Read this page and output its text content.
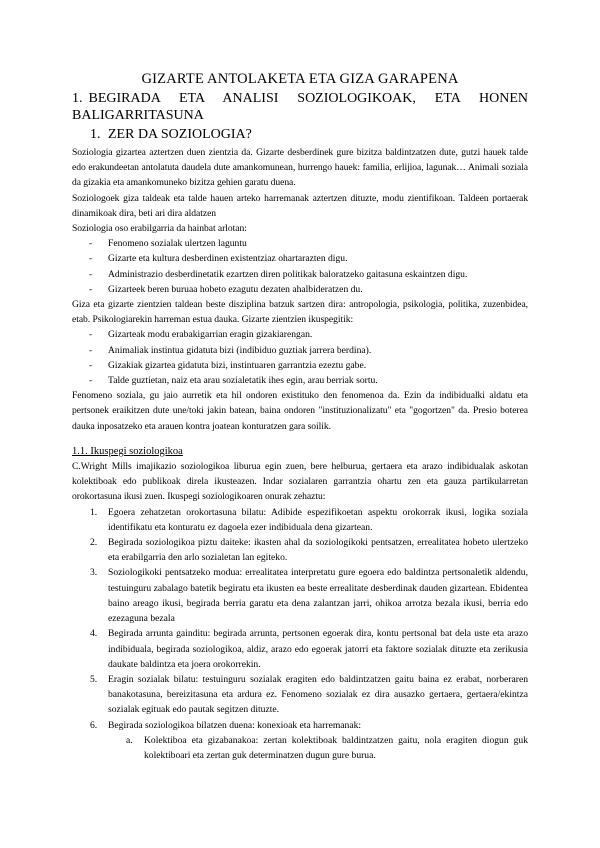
GIZARTE ANTOLAKETA ETA GIZA GARAPENA
1. BEGIRADA ETA ANALISI SOZIOLOGIKOAK, ETA HONEN BALIGARRITASUNA
1. ZER DA SOZIOLOGIA?

Soziologia gizartea aztertzen duen zientzia da. Gizarte desberdinek gure bizitza baldintzatzen dute, gutzi hauek talde edo erakundeetan antolatuta daudela dute amankomunean, hurrengo hauek: familia, erlijioa, lagunak… Animali soziala da gizakia eta amankomuneko bizitza gehien garatu duena.

Soziologoek giza taldeak eta talde hauen arteko harremanak aztertzen dituzte, modu zientifikoan. Taldeen portaerak dinamikoak dira, beti ari dira aldatzen

Soziologia oso erabilgarria da hainbat arlotan:

- Fenomeno sozialak ulertzen laguntu
- Gizarte eta kultura desberdinen existentziaz ohartarazten digu.
- Administrazio desberdinetatik ezartzen diren politikak baloratzeko gaitasuna eskaintzen digu.
- Gizarteek beren buruaa hobeto ezagutu dezaten ahalbideratzen du.

Giza eta gizarte zientzien taldean beste disziplina batzuk sartzen dira: antropologia, psikologia, politika, zuzenbidea, etab. Psikologiarekin harreman estua dauka. Gizarte zientzien ikuspegitik:

- Gizarteak modu erabakigarrian eragin gizakiarengan.
- Animaliak instintua gidatuta bizi (indibiduo guztiak jarrera berdina).
- Gizakiak gizartea gidatuta bizi, instintuaren garrantzia ezeztu gabe.
- Talde guztietan, naiz eta arau sozialetatik ihes egin, arau berriak sortu.

Fenomeno soziala, gu jaio aurretik eta hil ondoren existituko den fenomenoa da. Ezin da indibidualki aldatu eta pertsonek eraikitzen dute une/toki jakin batean, baina ondoren "instituzionalizatu" eta "gogortzen" da. Presio boterea dauka inposatzeko eta arauen kontra joatean konturatzen gara soilik.

1.1. Ikuspegi soziologikoa

C.Wright Mills imajikazio soziologikoa liburua egin zuen, bere helburua, gertaera eta arazo indibidualak askotan kolektiboak edo publikoak direla ikusteazen. Indar sozialaren garrantzia ohartu zen eta gauza partikularretan orokortasuna ikusi zuen. Ikuspegi soziologikoaren onurak zehaztu:

1. Egoera zehatzetan orokortasuna bilatu: Adibide espezifikoetan aspektu orokorrak ikusi, logika soziala identifikatu eta konturatu ez dagoela ezer indibiduala dena gizartean.
2. Begirada soziologikoa piztu daiteke: ikasten ahal da soziologikoki pentsatzen, errealitatea hobeto ulertzeko eta erabilgarria den arlo sozialetan lan egiteko.
3. Soziologikoki pentsatzeko modua: errealitatea interpretatu gure egoera edo baldintza pertsonaletik aldendu, testuinguru zabalago batetik begiratu eta ikusten ea beste errealitate desberdinak dauden gizartean. Ebidentea baino areago ikusi, begirada berria garatu eta dena zalantzan jarri, ohikoa arrotza bezala ikusi, berria edo ezezaguna bezala
4. Begirada arrunta gainditu: begirada arrunta, pertsonen egoerak dira, kontu pertsonal bat dela uste eta arazo indibiduala, begirada soziologikoa, aldiz, arazo edo egoerak jatorri eta faktore sozialak dituzte eta zerikusia daukate baldintza eta joera orokorrekin.
5. Eragin sozialak bilatu: testuinguru sozialak eragiten edo baldintzatzen gaitu baina ez erabat, norberaren banakotasuna, bereizitasuna eta ardura ez. Fenomeno sozialak ez dira ausazko gertaera, gertaera/ekintza sozialak egituak edo pautak segitzen dituzte.
6. Begirada soziologikoa bilatzen duena: konexioak eta harremanak:
a. Kolektiboa eta gizabanakoa: zertan kolektiboak baldintzatzen gaitu, nola eragiten diogun guk kolektiboari eta zertan guk determinatzen dugun gure burua.
